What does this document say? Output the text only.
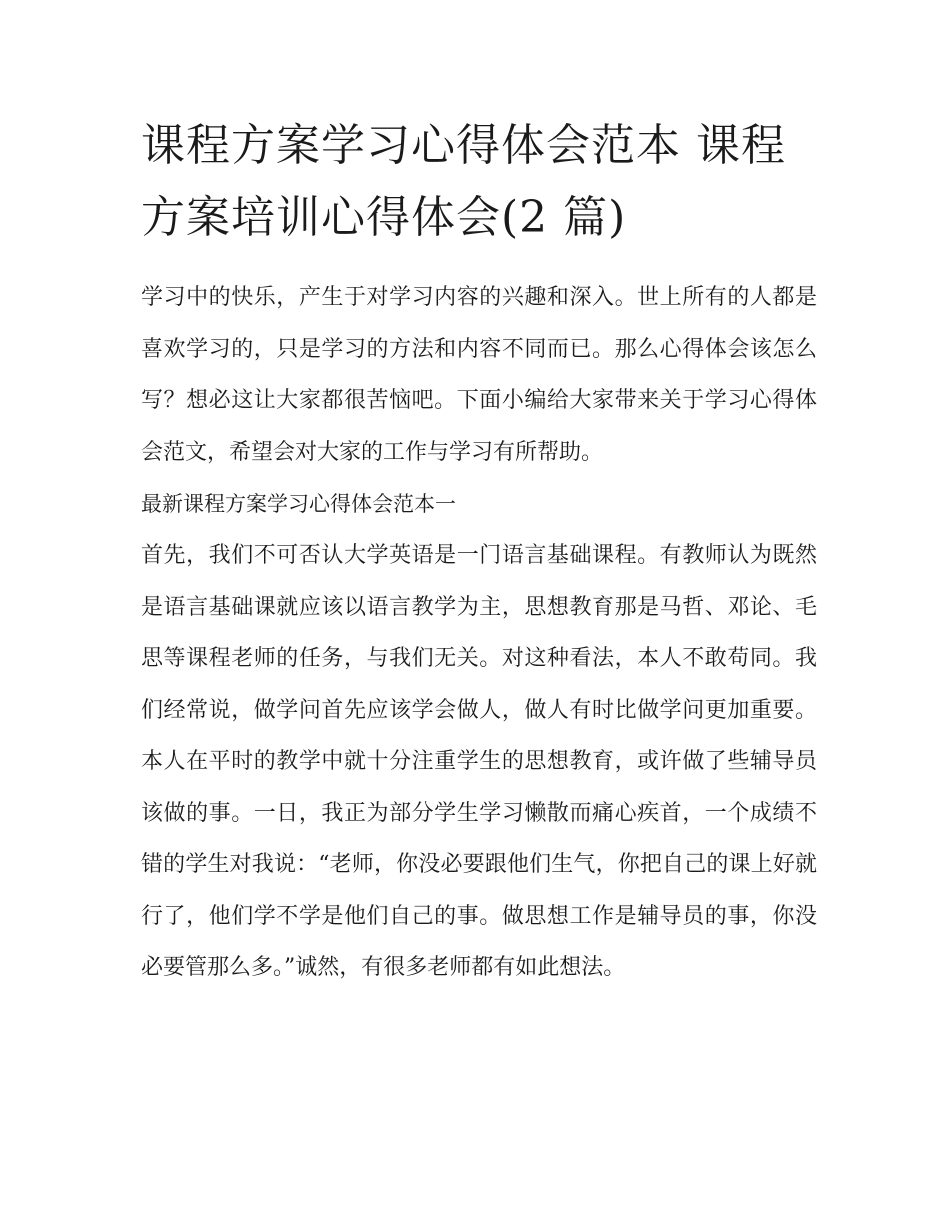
课程方案学习心得体会范本 课程方案培训心得体会(2 篇)

学习中的快乐，产生于对学习内容的兴趣和深入。世上所有的人都是喜欢学习的，只是学习的方法和内容不同而已。那么心得体会该怎么写？想必这让大家都很苦恼吧。下面小编给大家带来关于学习心得体会范文，希望会对大家的工作与学习有所帮助。

最新课程方案学习心得体会范本一

首先，我们不可否认大学英语是一门语言基础课程。有教师认为既然是语言基础课就应该以语言教学为主，思想教育那是马哲、邓论、毛思等课程老师的任务，与我们无关。对这种看法，本人不敢苟同。我们经常说，做学问首先应该学会做人，做人有时比做学问更加重要。本人在平时的教学中就十分注重学生的思想教育，或许做了些辅导员该做的事。一日，我正为部分学生学习懒散而痛心疾首，一个成绩不错的学生对我说：“老师，你没必要跟他们生气，你把自己的课上好就行了，他们学不学是他们自己的事。做思想工作是辅导员的事，你没必要管那么多。”诚然，有很多老师都有如此想法。
